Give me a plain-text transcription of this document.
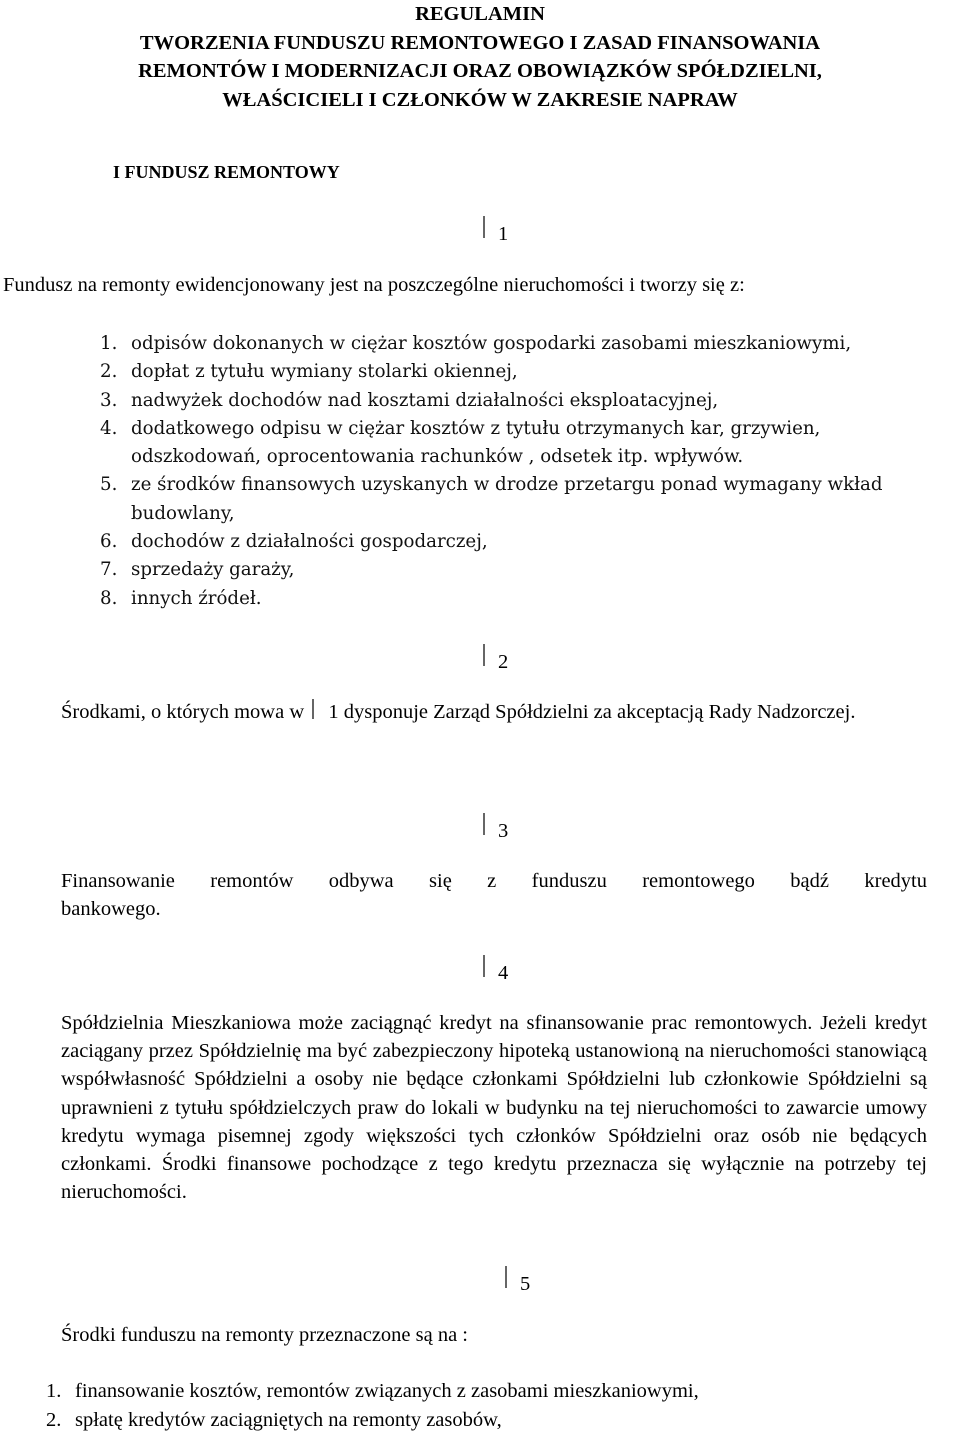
REGULAMIN
TWORZENIA FUNDUSZU REMONTOWEGO I ZASAD FINANSOWANIA
REMONTÓW I MODERNIZACJI ORAZ OBOWIĄZKÓW SPÓŁDZIELNI,
WŁAŚCICIELI I CZŁONKÓW W ZAKRESIE NAPRAW
I FUNDUSZ REMONTOWY
1
Fundusz na remonty ewidencjonowany jest na poszczególne nieruchomości i tworzy się z:
1. odpisów dokonanych w ciężar kosztów gospodarki zasobami mieszkaniowymi,
2. dopłat z tytułu wymiany stolarki okiennej,
3. nadwyżek dochodów nad kosztami działalności eksploatacyjnej,
4. dodatkowego odpisu w ciężar kosztów z tytułu otrzymanych kar, grzywien, odszkodowań, oprocentowania rachunków , odsetek itp. wpływów.
5. ze środków finansowych uzyskanych w drodze przetargu ponad wymagany wkład budowlany,
6. dochodów z działalności gospodarczej,
7. sprzedaży garaży,
8. innych źródeł.
2
Środkami, o których mowa w 1 dysponuje Zarząd Spółdzielni za akceptacją Rady Nadzorczej.
3
Finansowanie remontów odbywa się z funduszu remontowego bądź kredytu bankowego.
4
Spółdzielnia Mieszkaniowa może zaciągnąć kredyt na sfinansowanie prac remontowych. Jeżeli kredyt zaciągany przez Spółdzielnię ma być zabezpieczony hipoteką ustanowioną na nieruchomości stanowiącą współwłasność Spółdzielni a osoby nie będące członkami Spółdzielni lub członkowie Spółdzielni są uprawnieni z tytułu spółdzielczych praw do lokali w budynku na tej nieruchomości to zawarcie umowy kredytu wymaga pisemnej zgody większości tych członków Spółdzielni oraz osób nie będących członkami. Środki finansowe pochodzące z tego kredytu przeznacza się wyłącznie na potrzeby tej nieruchomości.
5
Środki funduszu na remonty przeznaczone są na :
1. finansowanie kosztów, remontów związanych z zasobami mieszkaniowymi,
2. spłatę kredytów zaciągniętych na remonty zasobów,
